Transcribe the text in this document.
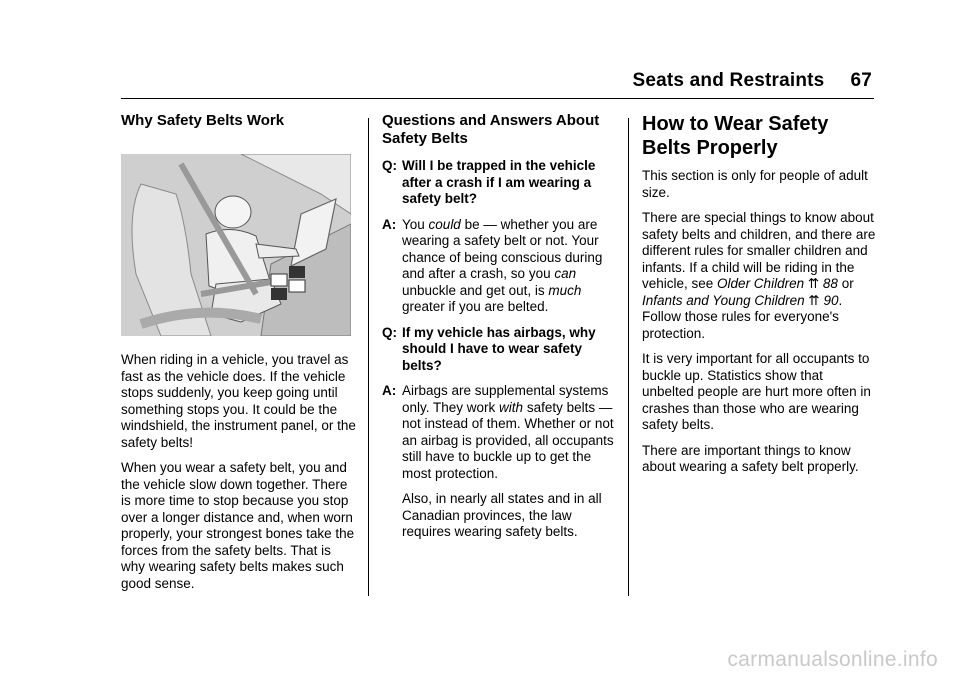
Seats and Restraints 67
Why Safety Belts Work

When riding in a vehicle, you travel as fast as the vehicle does. If the vehicle stops suddenly, you keep going until something stops you. It could be the windshield, the instrument panel, or the safety belts!

When you wear a safety belt, you and the vehicle slow down together. There is more time to stop because you stop over a longer distance and, when worn properly, your strongest bones take the forces from the safety belts. That is why wearing safety belts makes such good sense.

Questions and Answers About Safety Belts
Q: Will I be trapped in the vehicle after a crash if I am wearing a safety belt?
A: You could be — whether you are wearing a safety belt or not. Your chance of being conscious during and after a crash, so you can unbuckle and get out, is much greater if you are belted.
Q: If my vehicle has airbags, why should I have to wear safety belts?
A: Airbags are supplemental systems only. They work with safety belts — not instead of them. Whether or not an airbag is provided, all occupants still have to buckle up to get the most protection.

Also, in nearly all states and in all Canadian provinces, the law requires wearing safety belts.

How to Wear Safety Belts Properly

This section is only for people of adult size.

There are special things to know about safety belts and children, and there are different rules for smaller children and infants. If a child will be riding in the vehicle, see Older Children ⇈ 88 or Infants and Young Children ⇈ 90. Follow those rules for everyone's protection.

It is very important for all occupants to buckle up. Statistics show that unbelted people are hurt more often in crashes than those who are wearing safety belts.

There are important things to know about wearing a safety belt properly.

carmanualsonline.info
